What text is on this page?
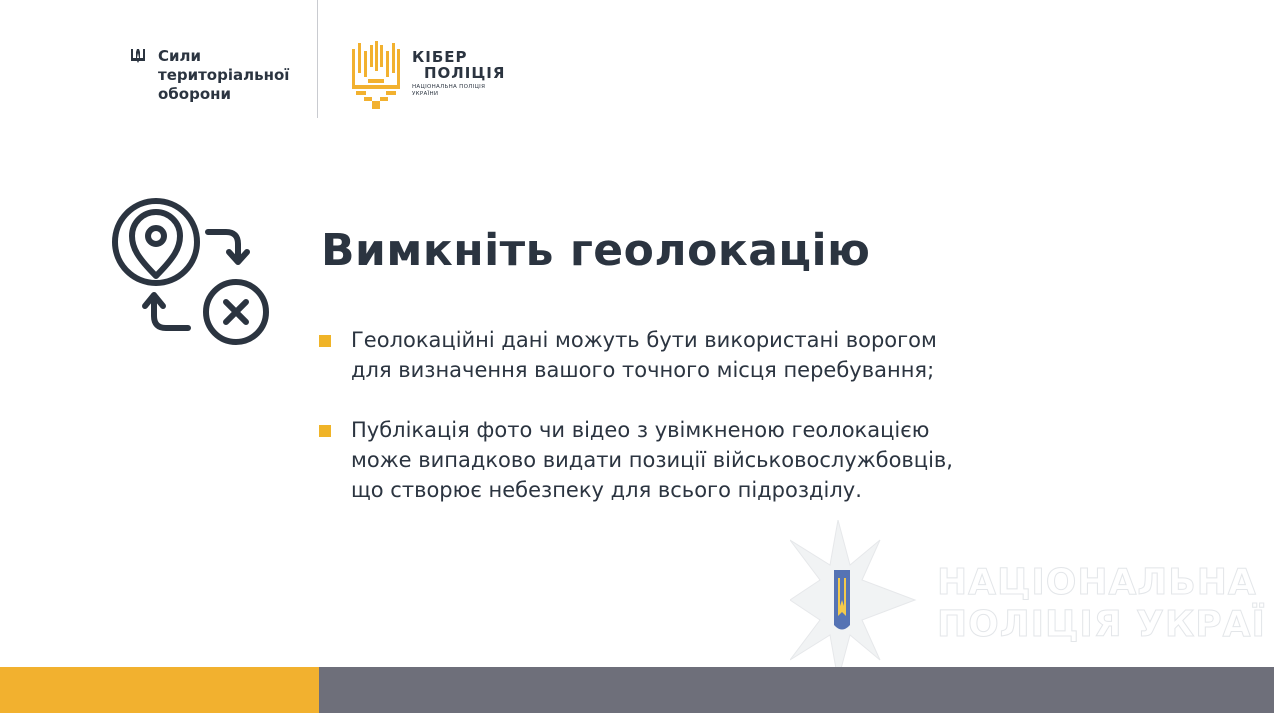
Сили
територіальної
оборони
КІБЕР
ПОЛІЦІЯ
НАЦІОНАЛЬНА ПОЛІЦІЯ
УКРАЇНИ
Вимкніть геолокацію
Геолокаційні дані можуть бути використані ворогом
для визначення вашого точного місця перебування;
Публікація фото чи відео з увімкненою геолокацією
може випадково видати позиції військовослужбовців,
що створює небезпеку для всього підрозділу.
НАЦІОНАЛЬНА
ПОЛІЦІЯ УКРАЇ
